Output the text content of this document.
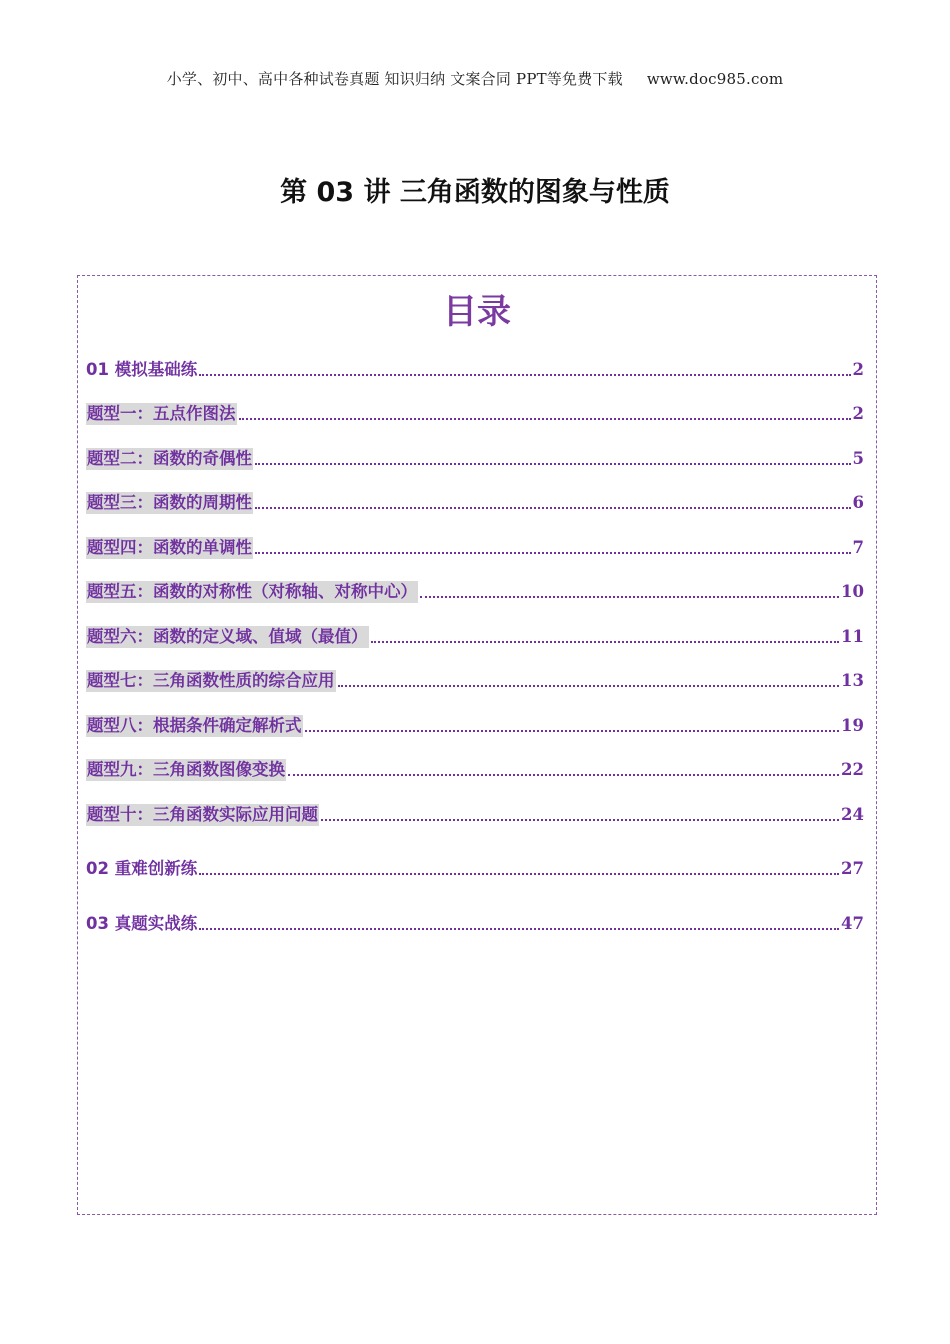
小学、初中、高中各种试卷真题 知识归纳 文案合同 PPT等免费下载 www.doc985.com
第 03 讲 三角函数的图象与性质
目录
01 模拟基础练	2
题型一：五点作图法	2
题型二：函数的奇偶性	5
题型三：函数的周期性	6
题型四：函数的单调性	7
题型五：函数的对称性（对称轴、对称中心）	10
题型六：函数的定义域、值域（最值）	11
题型七：三角函数性质的综合应用	13
题型八：根据条件确定解析式	19
题型九：三角函数图像变换	22
题型十：三角函数实际应用问题	24
02 重难创新练	27
03 真题实战练	47
